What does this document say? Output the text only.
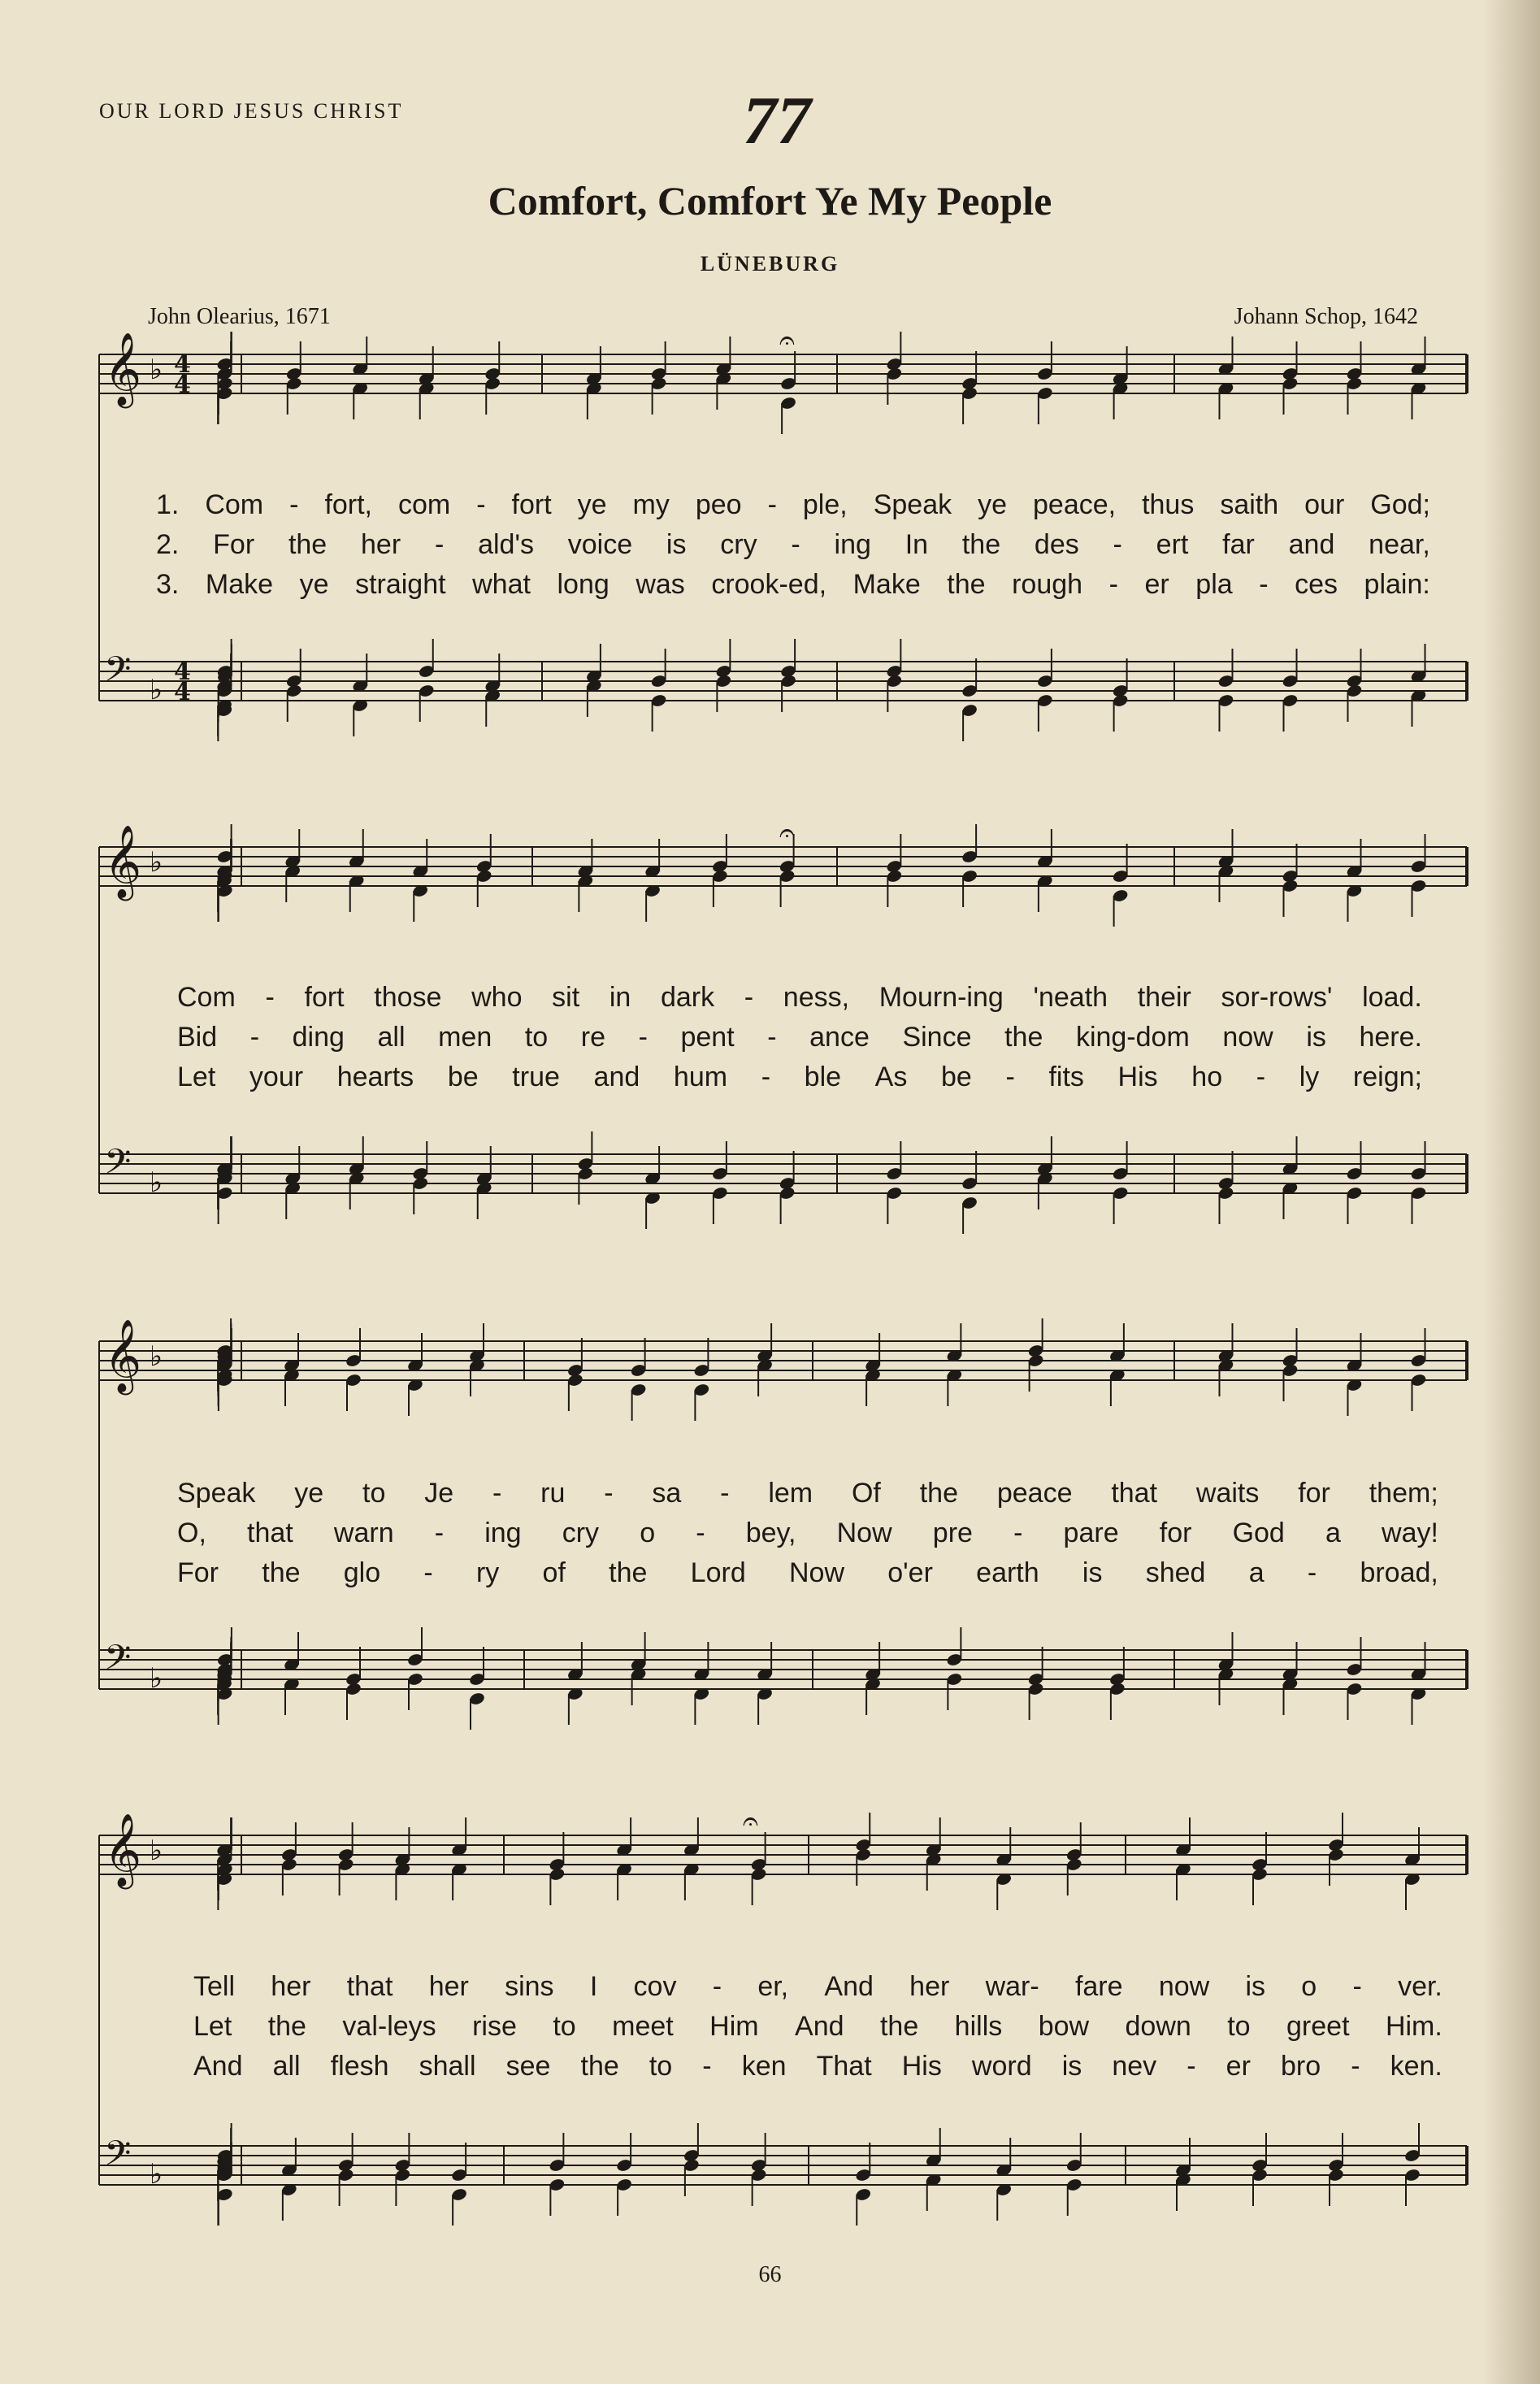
OUR LORD JESUS CHRIST	77
Comfort, Comfort Ye My People
LÜNEBURG
John Olearius, 1671	Johann Schop, 1642
𝄞 ♭ 4
4
𝄐
𝄢 ♭
4
4
𝄞 ♭
𝄐
𝄢 ♭
𝄞 ♭
𝄢 ♭
𝄞 ♭
𝄐
𝄢 ♭
1. Com - fort, com - fort ye my peo - ple, Speak ye peace, thus saith our God;
2. For the her - ald's voice is cry - ing In the des - ert far and near,
3. Make ye straight what long was crook-ed, Make the rough - er pla - ces plain:
Com - fort those who sit in dark - ness, Mourn-ing 'neath their sor-rows' load.
Bid - ding all men to re - pent - ance Since the king-dom now is here.
Let your hearts be true and hum - ble As be - fits His ho - ly reign;
Speak ye to Je - ru - sa - lem Of the peace that waits for them;
O, that warn - ing cry o - bey, Now pre - pare for God a way!
For the glo - ry of the Lord Now o'er earth is shed a - broad,
Tell her that her sins I cov - er, And her war- fare now is o - ver.
Let the val-leys rise to meet Him And the hills bow down to greet Him.
And all flesh shall see the to - ken That His word is nev - er bro - ken.
66
